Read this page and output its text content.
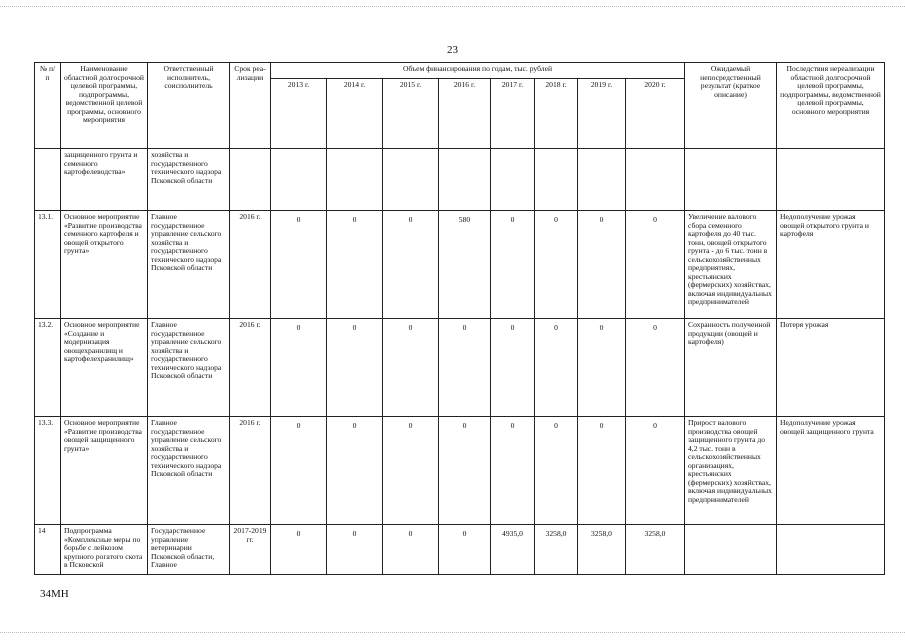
23
№ п/п	Наименование областной долгосрочной целевой программы, подпрограммы, ведомственной целевой программы, основного мероприятия	Ответственный исполнитель, соисполнитель	Срок реа-лизации	Объем финансирования по годам, тыс. рублей								Ожидаемый непосредственный результат (краткое описание)	Последствия нереализации областной долгосрочной целевой программы, подпрограммы, ведомственной целевой программы, основного мероприятия
				2013 г.	2014 г.	2015 г.	2016 г.	2017 г.	2018 г.	2019 г.	2020 г.		
	защищенного грунта и семенного картофелеводства»	хозяйства и государственного технического надзора Псковской области											
13.1.	Основное мероприятие «Развитие производства семенного картофеля и овощей открытого грунта»	Главное государственное управление сельского хозяйства и государственного технического надзора Псковской области	2016 г.	0	0	0	580	0	0	0	0	Увеличение валового сбора семенного картофеля до 40 тыс. тонн, овощей открытого грунта - до 6 тыс. тонн в сельскохозяйственных предприятиях, крестьянских (фермерских) хозяйствах, включая индивидуальных предпринимателей	Недополучение урожая овощей открытого грунта и картофеля
13.2.	Основное мероприятие «Создание и модернизация овощехранилищ и картофелехранилищ»	Главное государственное управление сельского хозяйства и государственного технического надзора Псковской области	2016 г.	0	0	0	0	0	0	0	0	Сохранность полученной продукции (овощей и картофеля)	Потеря урожая
13.3.	Основное мероприятие «Развитие производства овощей защищенного грунта»	Главное государственное управление сельского хозяйства и государственного технического надзора Псковской области	2016 г.	0	0	0	0	0	0	0	0	Прирост валового производства овощей защищенного грунта до 4,2 тыс. тонн в сельскохозяйственных организациях, крестьянских (фермерских) хозяйствах, включая индивидуальных предпринимателей	Недополучение урожая овощей защищенного грунта
14	Подпрограмма «Комплексные меры по борьбе с лейкозом крупного рогатого скота в Псковской	Государственное управление ветеринарии Псковской области, Главное	2017-2019 гг.	0	0	0	0	4935,0	3258,0	3258,0	3258,0		
34МН
